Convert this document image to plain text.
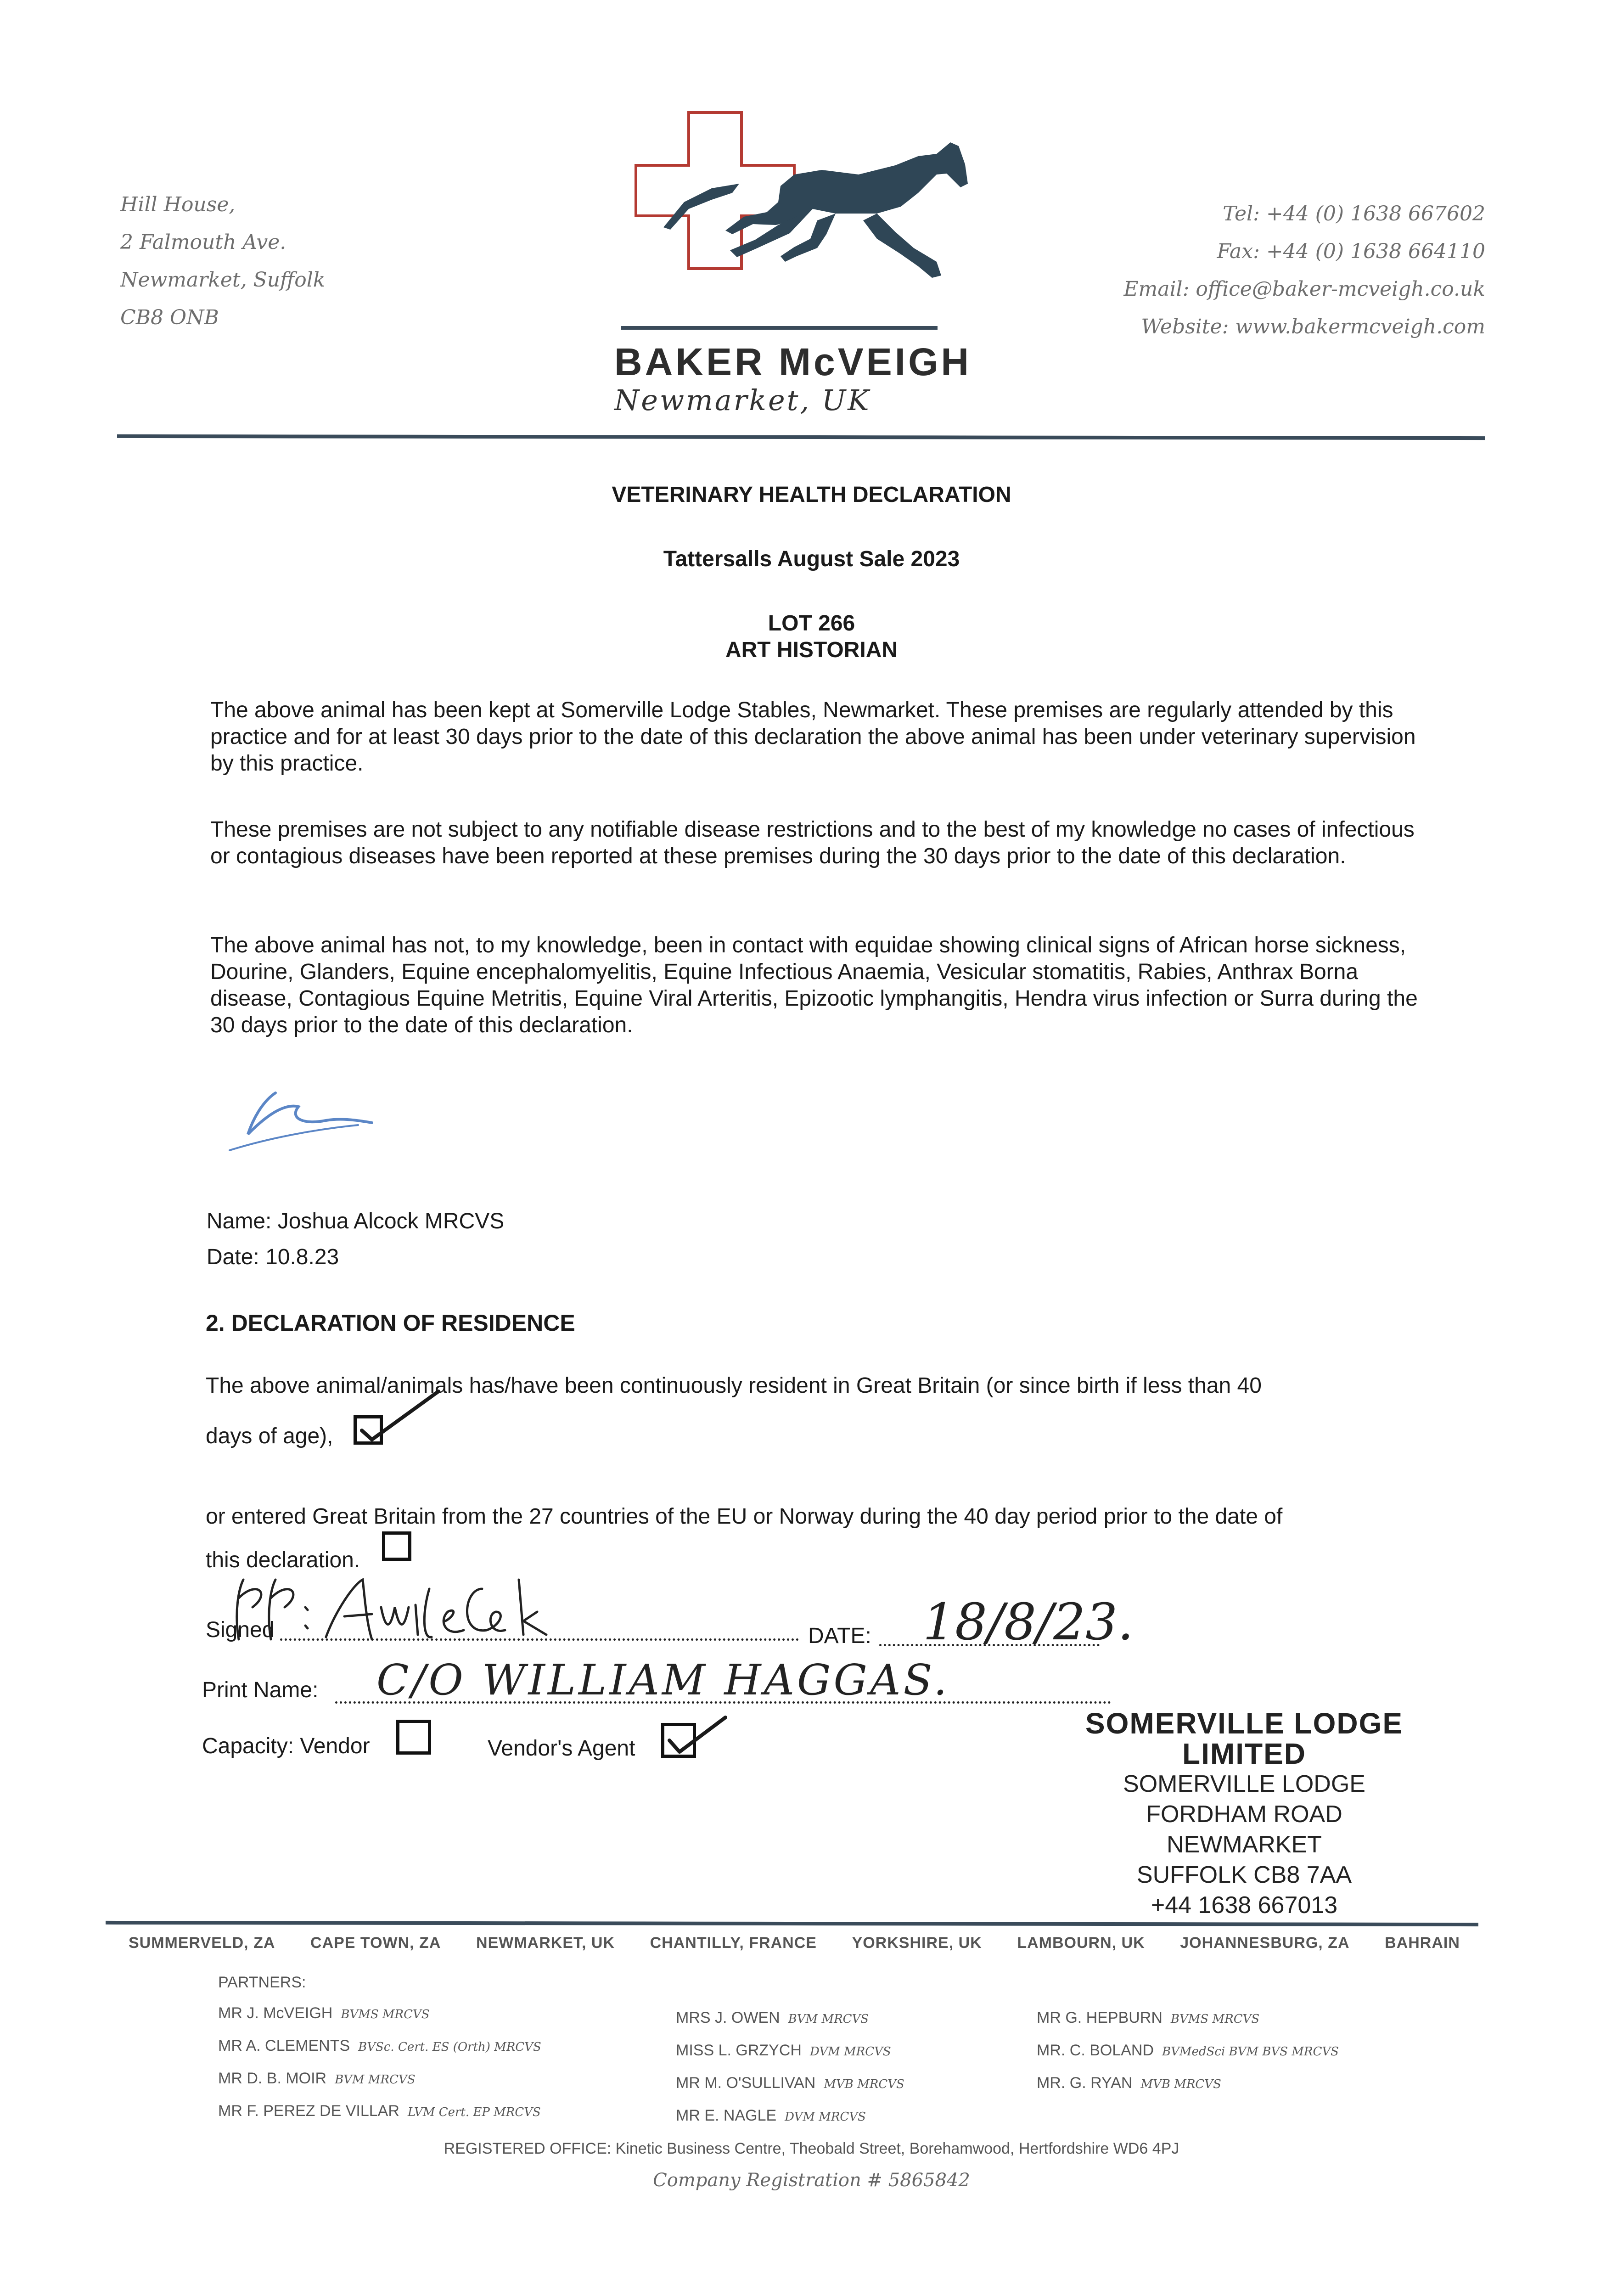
Hill House,
2 Falmouth Ave.
Newmarket, Suffolk
CB8 ONB
BAKER McVEIGH
Newmarket, UK
Tel: +44 (0) 1638 667602
Fax: +44 (0) 1638 664110
Email: office@baker-mcveigh.co.uk
Website: www.bakermcveigh.com
VETERINARY HEALTH DECLARATION
Tattersalls August Sale 2023
LOT 266
ART HISTORIAN
The above animal has been kept at Somerville Lodge Stables, Newmarket. These premises are regularly attended by this practice and for at least 30 days prior to the date of this declaration the above animal has been under veterinary supervision by this practice.
These premises are not subject to any notifiable disease restrictions and to the best of my knowledge no cases of infectious or contagious diseases have been reported at these premises during the 30 days prior to the date of this declaration.
The above animal has not, to my knowledge, been in contact with equidae showing clinical signs of African horse sickness, Dourine, Glanders, Equine encephalomyelitis, Equine Infectious Anaemia, Vesicular stomatitis, Rabies, Anthrax Borna disease, Contagious Equine Metritis, Equine Viral Arteritis, Epizootic lymphangitis, Hendra virus infection or Surra during the 30 days prior to the date of this declaration.
Name: Joshua Alcock MRCVS
Date: 10.8.23
2. DECLARATION OF RESIDENCE
The above animal/animals has/have been continuously resident in Great Britain (or since birth if less than 40
days of age),
or entered Great Britain from the 27 countries of the EU or Norway during the 40 day period prior to the date of
this declaration.
Signed	DATE: 18/8/23.
Print Name: C/O WILLIAM HAGGAS.
Capacity: Vendor	Vendor's Agent
SOMERVILLE LODGE LIMITED
SOMERVILLE LODGE
FORDHAM ROAD
NEWMARKET
SUFFOLK CB8 7AA
+44 1638 667013
SUMMERVELD, ZA CAPE TOWN, ZA NEWMARKET, UK CHANTILLY, FRANCE YORKSHIRE, UK LAMBOURN, UK JOHANNESBURG, ZA BAHRAIN
PARTNERS:
MR J. McVEIGH BVMS MRCVS
MR A. CLEMENTS BVSc. Cert. ES (Orth) MRCVS
MR D. B. MOIR BVM MRCVS
MR F. PEREZ DE VILLAR LVM Cert. EP MRCVS
MRS J. OWEN BVM MRCVS
MISS L. GRZYCH DVM MRCVS
MR M. O'SULLIVAN MVB MRCVS
MR E. NAGLE DVM MRCVS
MR G. HEPBURN BVMS MRCVS
MR. C. BOLAND BVMedSci BVM BVS MRCVS
MR. G. RYAN MVB MRCVS
REGISTERED OFFICE: Kinetic Business Centre, Theobald Street, Borehamwood, Hertfordshire WD6 4PJ
Company Registration # 5865842
